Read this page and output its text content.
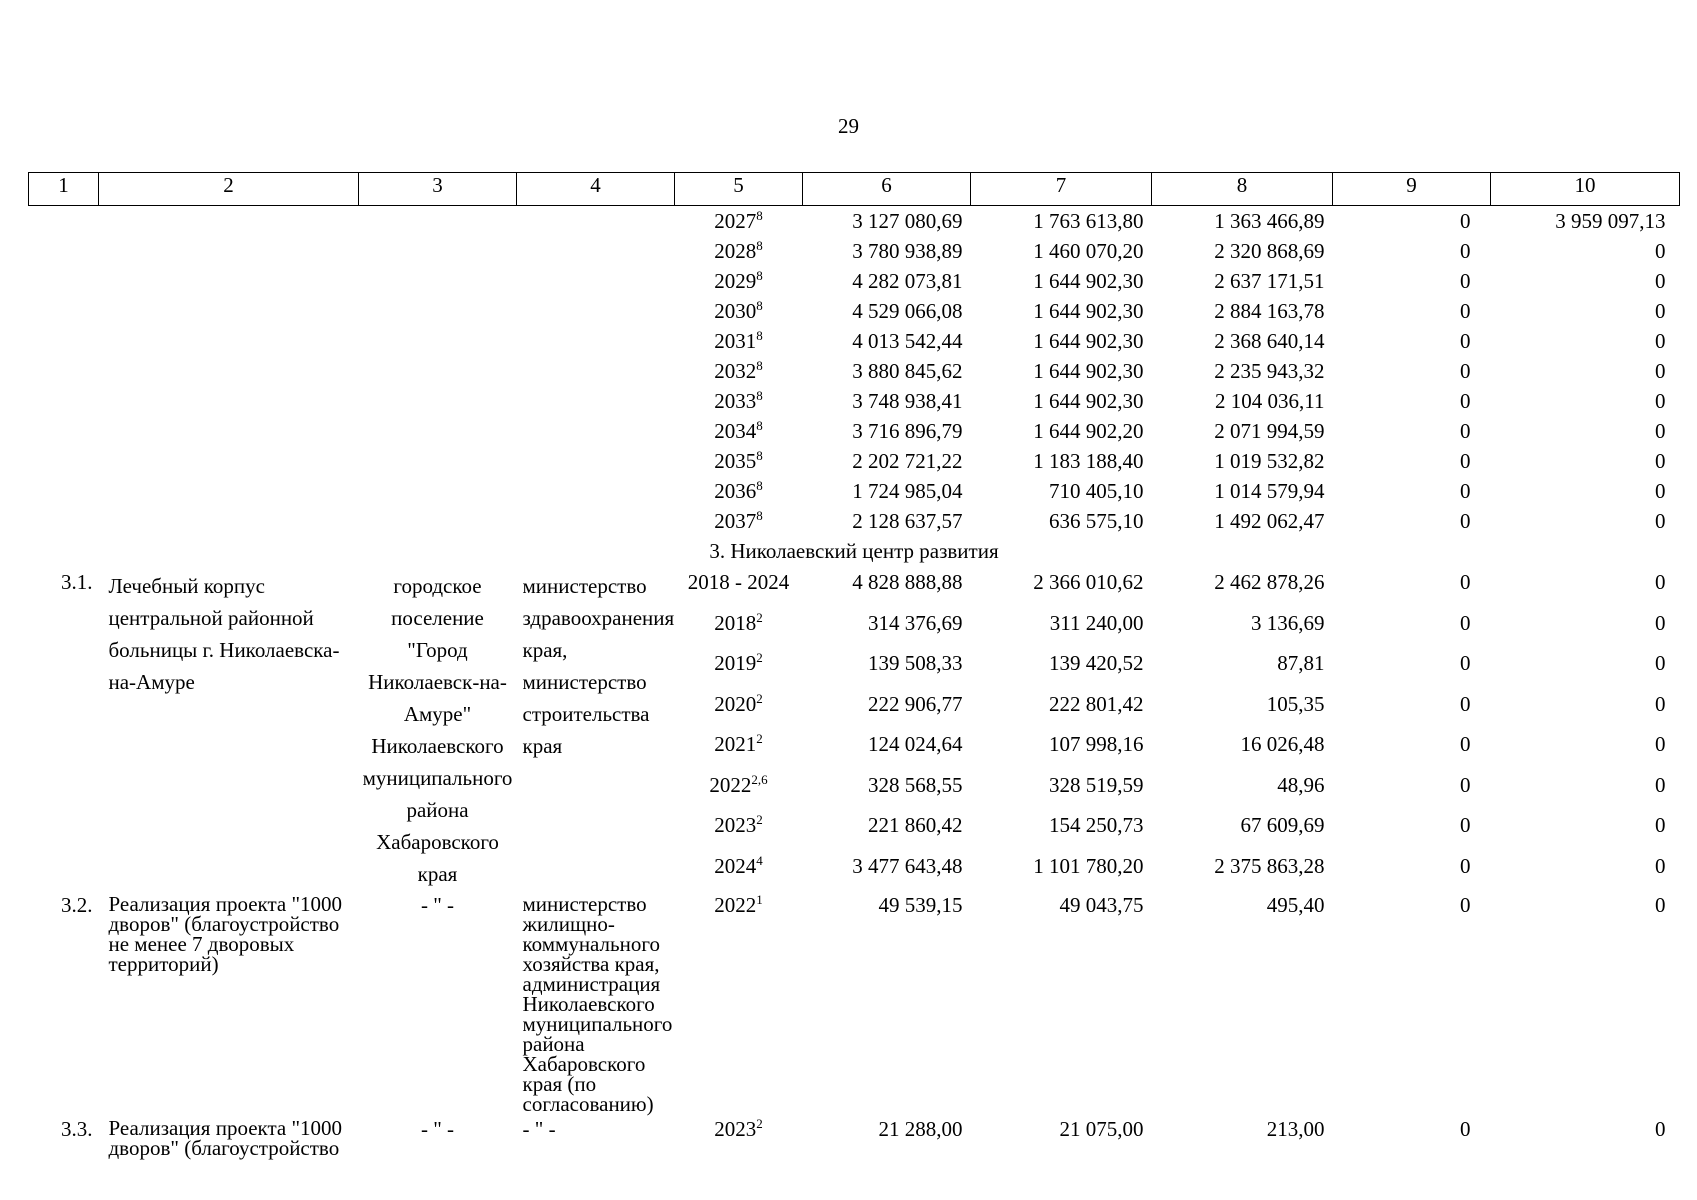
29
1	2	3	4	5	6	7	8	9	10
				2027$^8$	3 127 080,69	1 763 613,80	1 363 466,89	0	3 959 097,13
				2028$^8$	3 780 938,89	1 460 070,20	2 320 868,69	0	0
				2029$^8$	4 282 073,81	1 644 902,30	2 637 171,51	0	0
				2030$^8$	4 529 066,08	1 644 902,30	2 884 163,78	0	0
				2031$^8$	4 013 542,44	1 644 902,30	2 368 640,14	0	0
				2032$^8$	3 880 845,62	1 644 902,30	2 235 943,32	0	0
				2033$^8$	3 748 938,41	1 644 902,30	2 104 036,11	0	0
				2034$^8$	3 716 896,79	1 644 902,20	2 071 994,59	0	0
				2035$^8$	2 202 721,22	1 183 188,40	1 019 532,82	0	0
				2036$^8$	1 724 985,04	710 405,10	1 014 579,94	0	0
				2037$^8$	2 128 637,57	636 575,10	1 492 062,47	0	0
3. Николаевский центр развития									
3.1.	Лечебный корпус центральной районной больницы г. Николаевска-на-Амуре	городское поселение "Город Николаевск-на-Амуре" Николаевского муниципального района Хабаровского края	министерство здравоохранения края, министерство строительства края	2018 - 2024	4 828 888,88	2 366 010,62	2 462 878,26	0	0
				2018$^2$	314 376,69	311 240,00	3 136,69	0	0
				2019$^2$	139 508,33	139 420,52	87,81	0	0
				2020$^2$	222 906,77	222 801,42	105,35	0	0
				2021$^2$	124 024,64	107 998,16	16 026,48	0	0
				2022$^{2,6}$	328 568,55	328 519,59	48,96	0	0
				2023$^2$	221 860,42	154 250,73	67 609,69	0	0
				2024$^4$	3 477 643,48	1 101 780,20	2 375 863,28	0	0
3.2.	Реализация проекта "1000 дворов" (благоустройство не менее 7 дворовых территорий)	- " -	министерство жилищно-коммунального хозяйства края, администрация Николаевского муниципального района Хабаровского края (по согласованию)	2022$^1$	49 539,15	49 043,75	495,40	0	0
3.3.	Реализация проекта "1000 дворов" (благоустройство	- " -	- " -	2023$^2$	21 288,00	21 075,00	213,00	0	0
